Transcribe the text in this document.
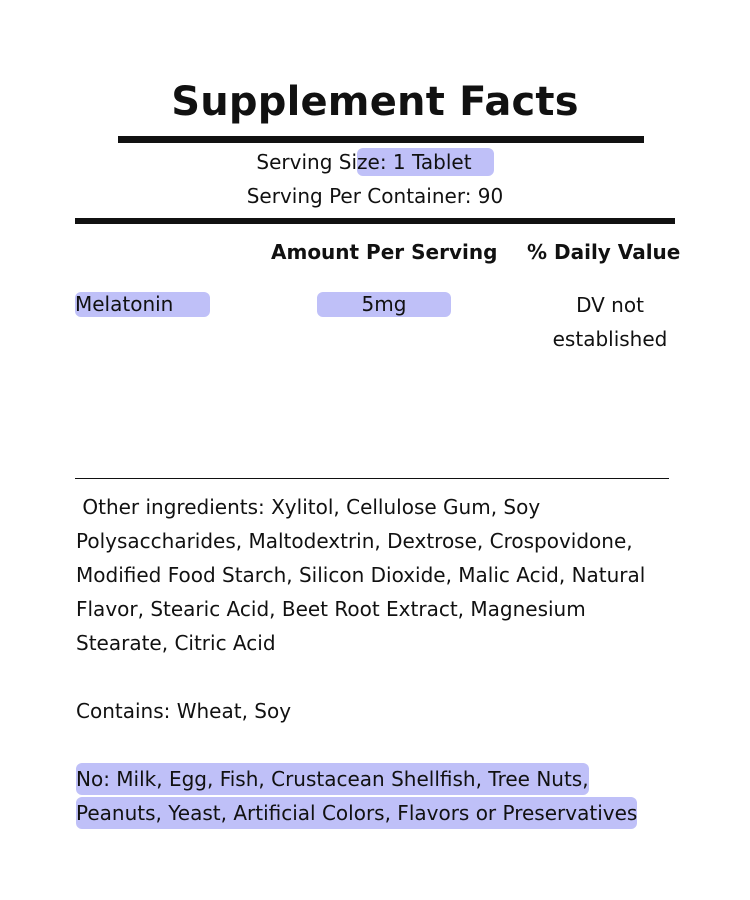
Supplement Facts
Serving Size: 1 Tablet
Serving Per Container: 90
Amount Per Serving % Daily Value
Melatonin	5mg	DV not
established
Other ingredients: Xylitol, Cellulose Gum, Soy
Polysaccharides, Maltodextrin, Dextrose, Crospovidone,
Modified Food Starch, Silicon Dioxide, Malic Acid, Natural
Flavor, Stearic Acid, Beet Root Extract, Magnesium
Stearate, Citric Acid
Contains: Wheat, Soy
No: Milk, Egg, Fish, Crustacean Shellfish, Tree Nuts,
Peanuts, Yeast, Artificial Colors, Flavors or Preservatives
